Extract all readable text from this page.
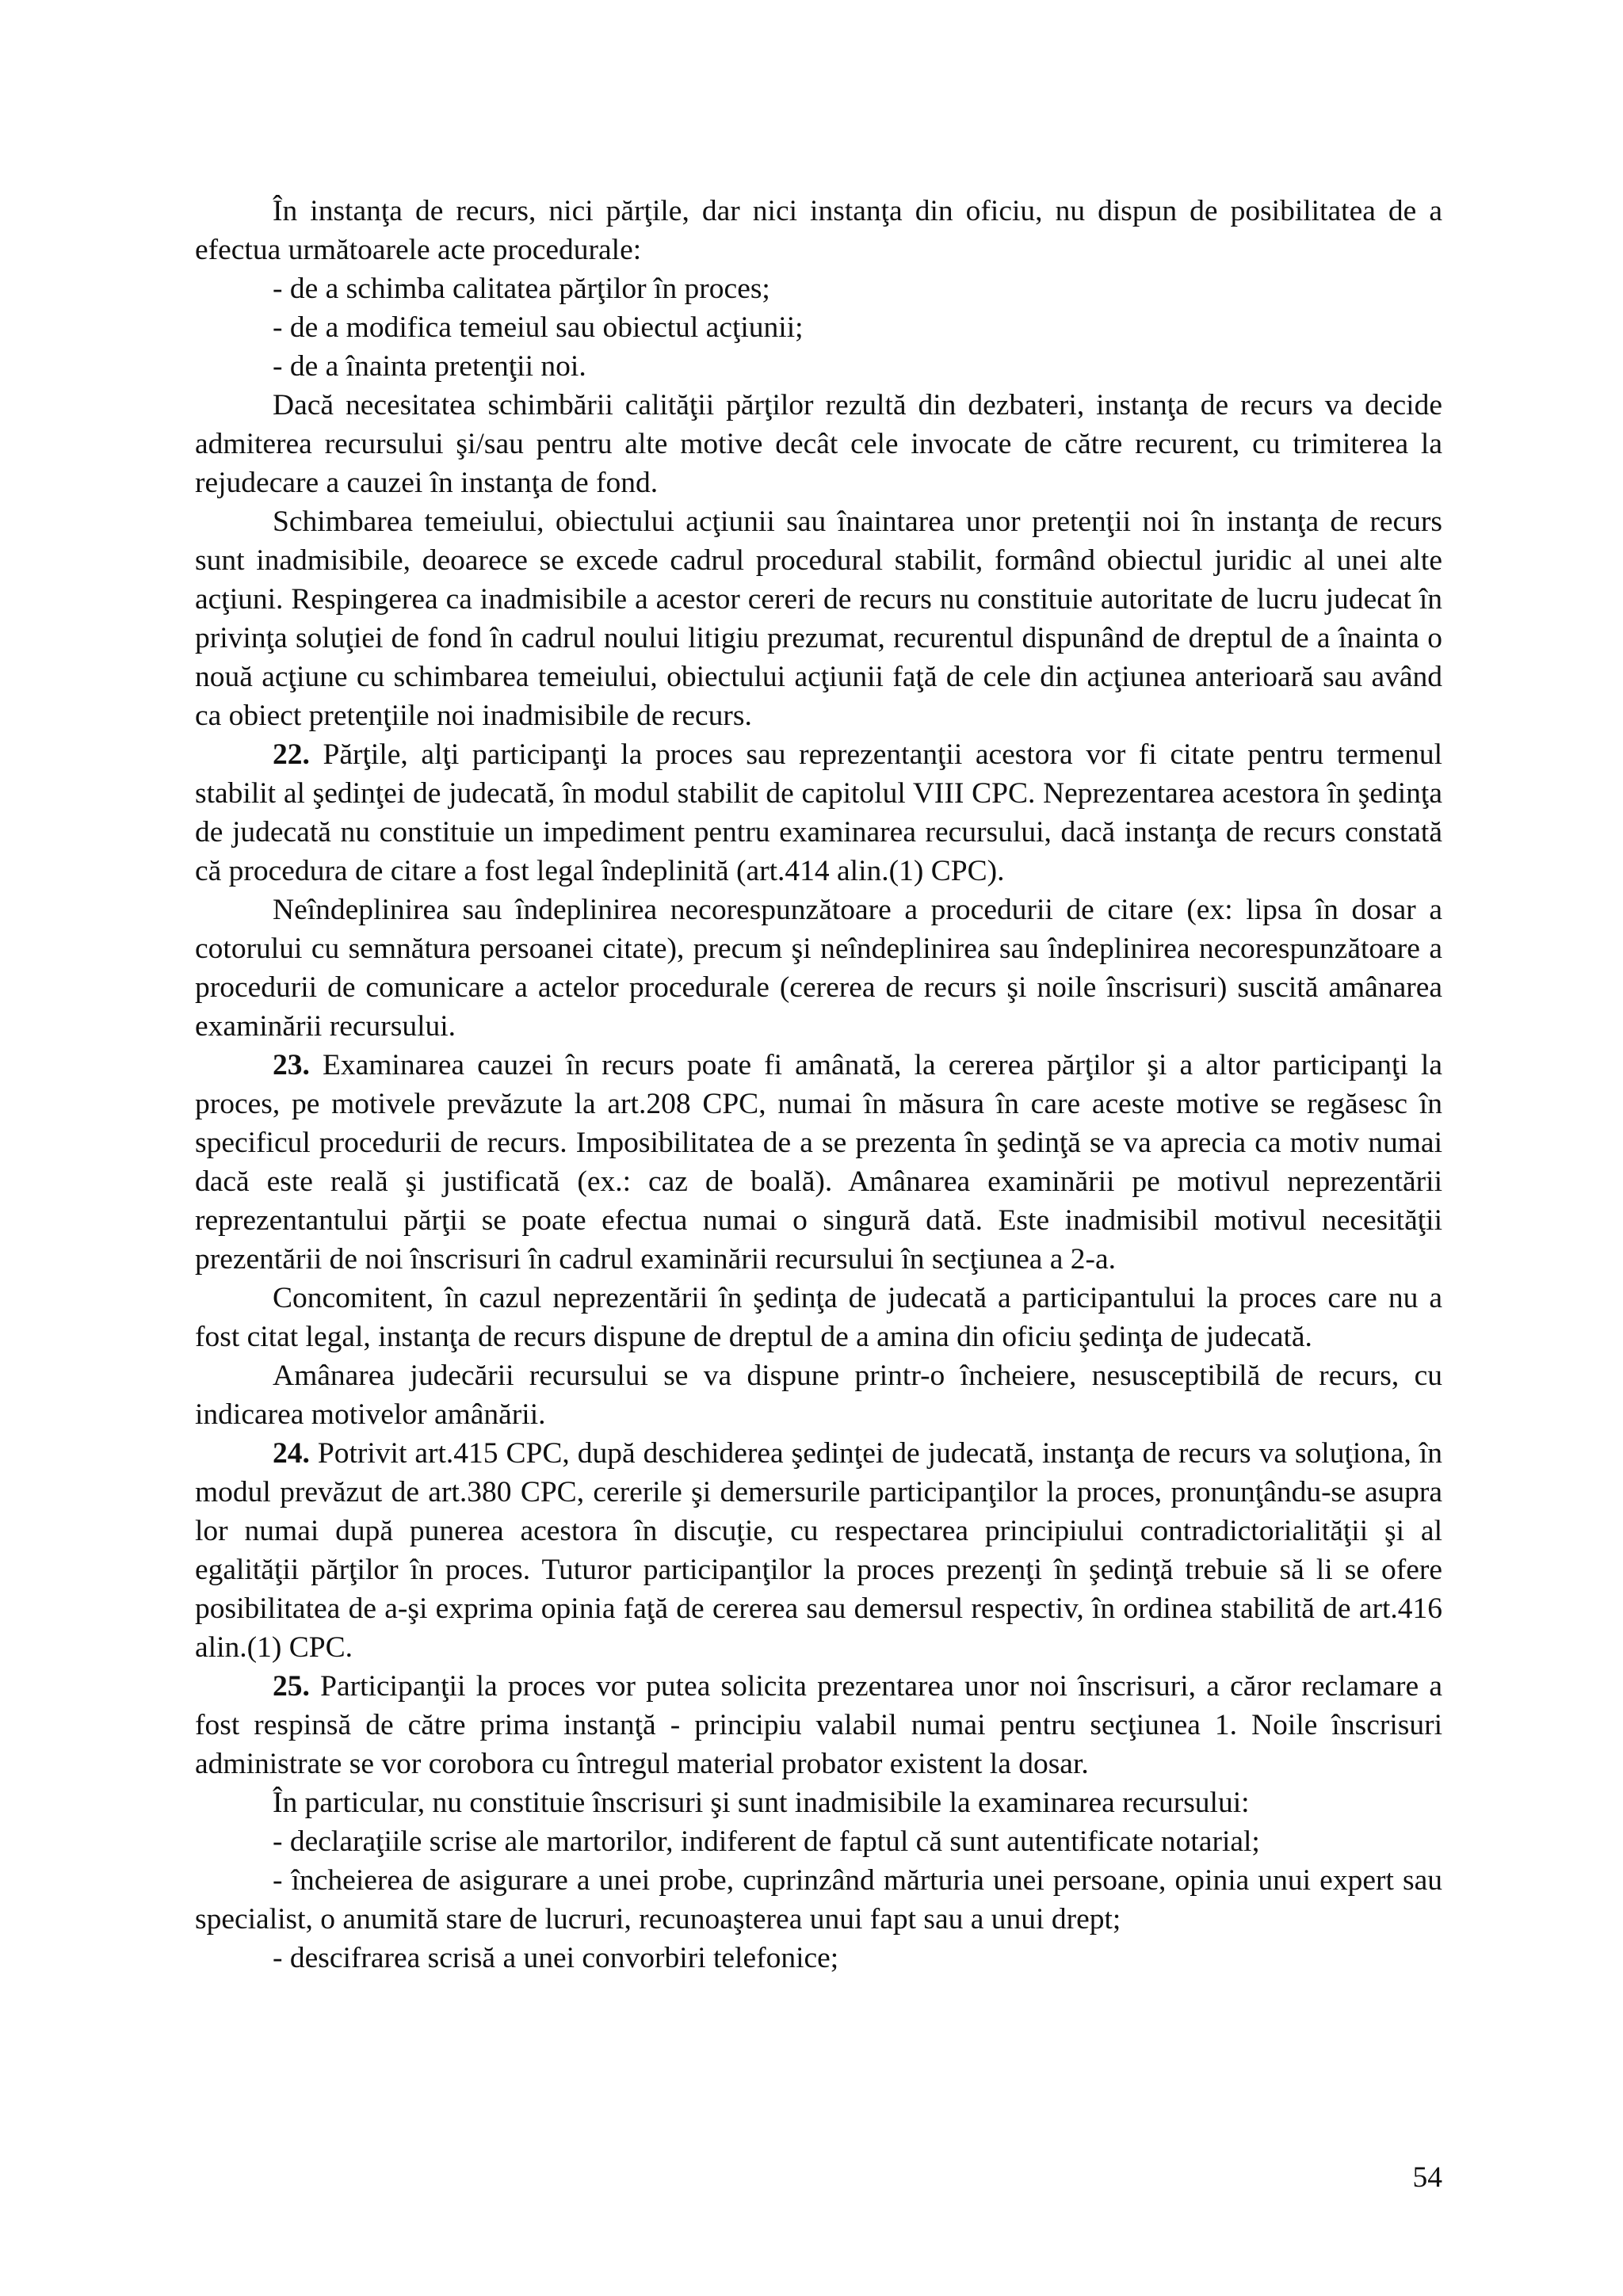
În instanţa de recurs, nici părţile, dar nici instanţa din oficiu, nu dispun de posibilitatea de a efectua următoarele acte procedurale:

- de a schimba calitatea părţilor în proces;

- de a modifica temeiul sau obiectul acţiunii;

- de a înainta pretenţii noi.

Dacă necesitatea schimbării calităţii părţilor rezultă din dezbateri, instanţa de recurs va decide admiterea recursului şi/sau pentru alte motive decât cele invocate de către recurent, cu trimiterea la rejudecare a cauzei în instanţa de fond.

Schimbarea temeiului, obiectului acţiunii sau înaintarea unor pretenţii noi în instanţa de recurs sunt inadmisibile, deoarece se excede cadrul procedural stabilit, formând obiectul juridic al unei alte acţiuni. Respingerea ca inadmisibile a acestor cereri de recurs nu constituie autoritate de lucru judecat în privinţa soluţiei de fond în cadrul noului litigiu prezumat, recurentul dispunând de dreptul de a înainta o nouă acţiune cu schimbarea temeiului, obiectului acţiunii faţă de cele din acţiunea anterioară sau având ca obiect pretenţiile noi inadmisibile de recurs.

22. Părţile, alţi participanţi la proces sau reprezentanţii acestora vor fi citate pentru termenul stabilit al şedinţei de judecată, în modul stabilit de capitolul VIII CPC. Neprezentarea acestora în şedinţa de judecată nu constituie un impediment pentru examinarea recursului, dacă instanţa de recurs constată că procedura de citare a fost legal îndeplinită (art.414 alin.(1) CPC).

Neîndeplinirea sau îndeplinirea necorespunzătoare a procedurii de citare (ex: lipsa în dosar a cotorului cu semnătura persoanei citate), precum şi neîndeplinirea sau îndeplinirea necorespunzătoare a procedurii de comunicare a actelor procedurale (cererea de recurs şi noile înscrisuri) suscită amânarea examinării recursului.

23. Examinarea cauzei în recurs poate fi amânată, la cererea părţilor şi a altor participanţi la proces, pe motivele prevăzute la art.208 CPC, numai în măsura în care aceste motive se regăsesc în specificul procedurii de recurs. Imposibilitatea de a se prezenta în şedinţă se va aprecia ca motiv numai dacă este reală şi justificată (ex.: caz de boală). Amânarea examinării pe motivul neprezentării reprezentantului părţii se poate efectua numai o singură dată. Este inadmisibil motivul necesităţii prezentării de noi înscrisuri în cadrul examinării recursului în secţiunea a 2-a.

Concomitent, în cazul neprezentării în şedinţa de judecată a participantului la proces care nu a fost citat legal, instanţa de recurs dispune de dreptul de a amina din oficiu şedinţa de judecată.

Amânarea judecării recursului se va dispune printr-o încheiere, nesusceptibilă de recurs, cu indicarea motivelor amânării.

24. Potrivit art.415 CPC, după deschiderea şedinţei de judecată, instanţa de recurs va soluţiona, în modul prevăzut de art.380 CPC, cererile şi demersurile participanţilor la proces, pronunţându-se asupra lor numai după punerea acestora în discuţie, cu respectarea principiului contradictorialităţii şi al egalităţii părţilor în proces. Tuturor participanţilor la proces prezenţi în şedinţă trebuie să li se ofere posibilitatea de a-şi exprima opinia faţă de cererea sau demersul respectiv, în ordinea stabilită de art.416 alin.(1) CPC.

25. Participanţii la proces vor putea solicita prezentarea unor noi înscrisuri, a căror reclamare a fost respinsă de către prima instanţă - principiu valabil numai pentru secţiunea 1. Noile înscrisuri administrate se vor corobora cu întregul material probator existent la dosar.

În particular, nu constituie înscrisuri şi sunt inadmisibile la examinarea recursului:

- declaraţiile scrise ale martorilor, indiferent de faptul că sunt autentificate notarial;

- încheierea de asigurare a unei probe, cuprinzând mărturia unei persoane, opinia unui expert sau specialist, o anumită stare de lucruri, recunoaşterea unui fapt sau a unui drept;

- descifrarea scrisă a unei convorbiri telefonice;

54
